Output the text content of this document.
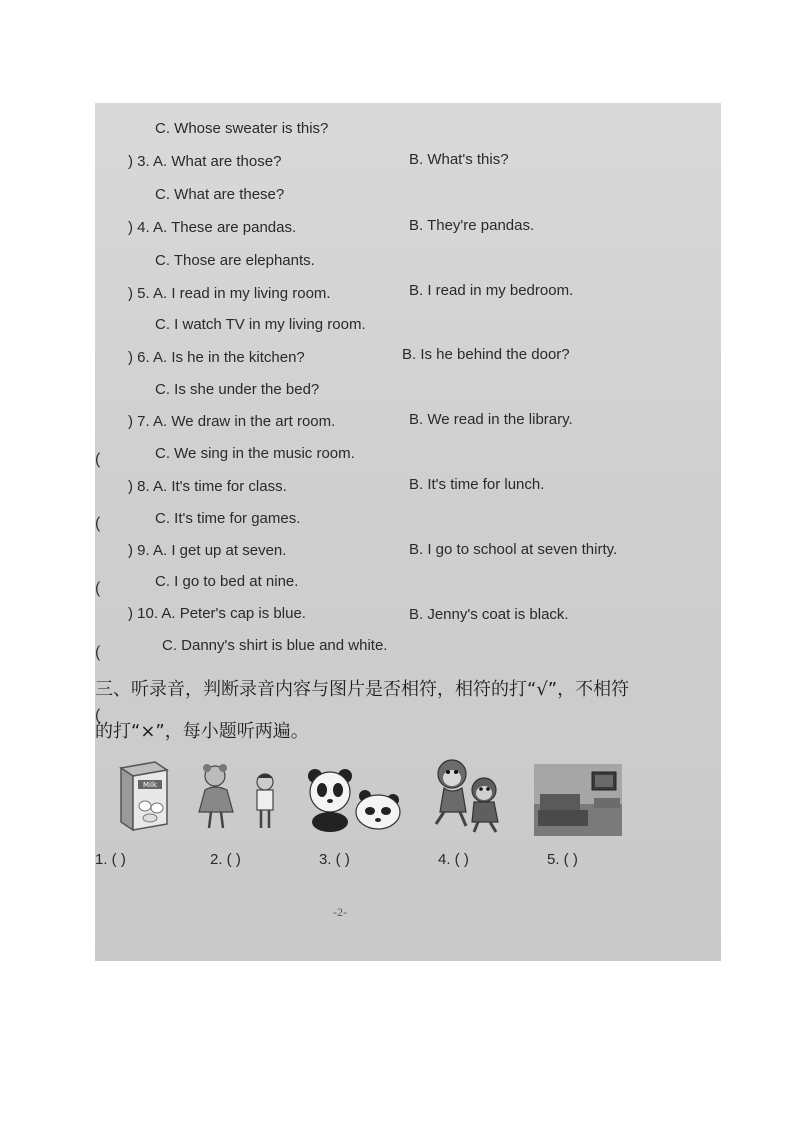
(
(
(
(
(
C. Whose sweater is this?
) 3. A. What are those?	B. What's this?
C. What are these?
) 4. A. These are pandas.	B. They're pandas.
C. Those are elephants.
) 5. A. I read in my living room.	B. I read in my bedroom.
C. I watch TV in my living room.
) 6. A. Is he in the kitchen?	B. Is he behind the door?
C. Is she under the bed?
) 7. A. We draw in the art room.	B. We read in the library.
C. We sing in the music room.
) 8. A. It's time for class.	B. It's time for lunch.
C. It's time for games.
) 9. A. I get up at seven.	B. I go to school at seven thirty.
C. I go to bed at nine.
) 10. A. Peter's cap is blue.	B. Jenny's coat is black.
C. Danny's shirt is blue and white.
三、听录音，判断录音内容与图片是否相符，相符的打“√”，不相符
的打“×”，每小题听两遍。
Milk
1. ( )	2. ( )	3. ( )	4. ( )	5. ( )
-2-
